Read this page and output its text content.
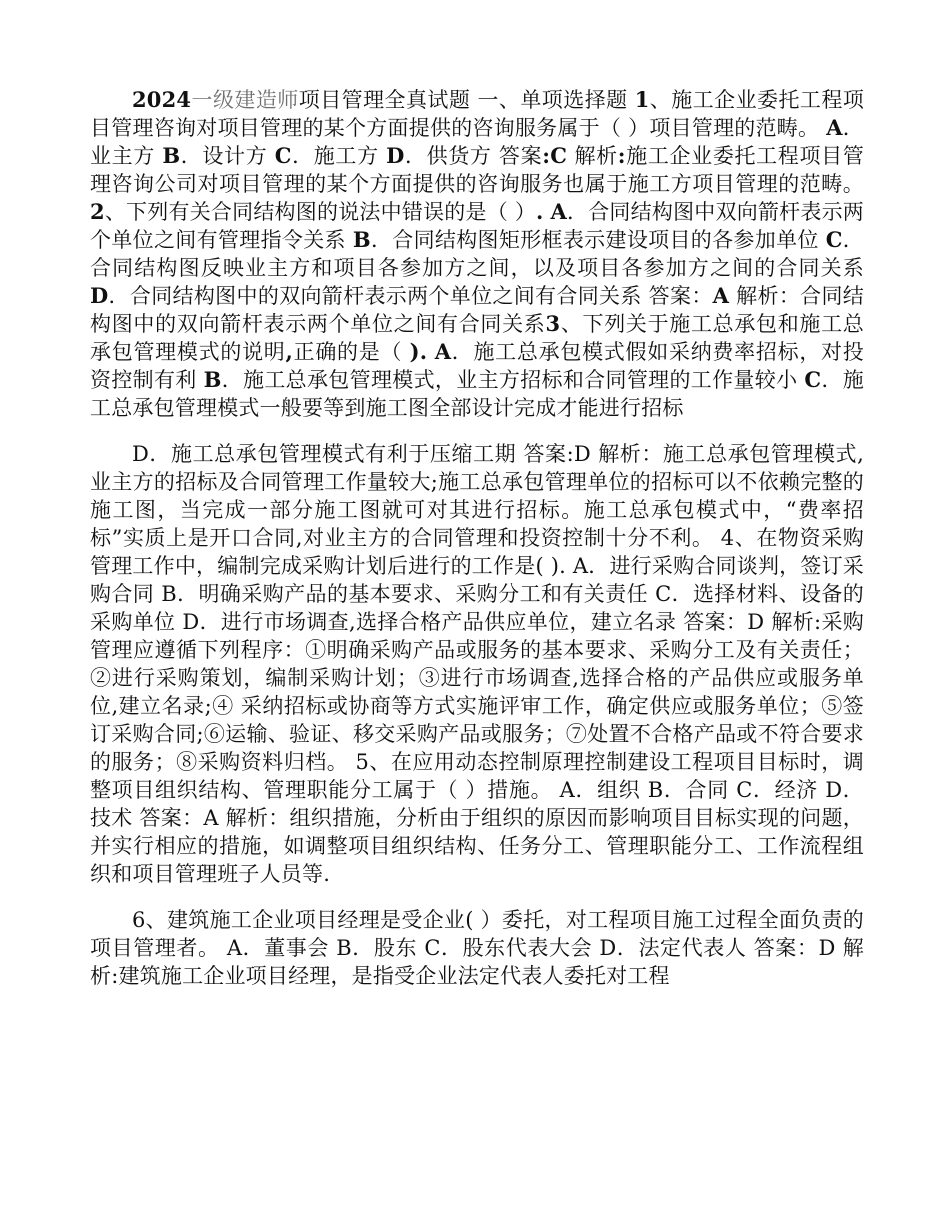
2024一级建造师项目管理全真试题 一、单项选择题 1、施工企业委托工程项目管理咨询对项目管理的某个方面提供的咨询服务属于（ ）项目管理的范畴。 A．业主方 B．设计方 C．施工方 D．供货方 答案:C 解析:施工企业委托工程项目管理咨询公司对项目管理的某个方面提供的咨询服务也属于施工方项目管理的范畴。 2、下列有关合同结构图的说法中错误的是（ ）. A．合同结构图中双向箭杆表示两个单位之间有管理指令关系 B．合同结构图矩形框表示建设项目的各参加单位 C．合同结构图反映业主方和项目各参加方之间，以及项目各参加方之间的合同关系 D．合同结构图中的双向箭杆表示两个单位之间有合同关系 答案：A 解析：合同结构图中的双向箭杆表示两个单位之间有合同关系3、下列关于施工总承包和施工总承包管理模式的说明,正确的是（ ). A．施工总承包模式假如采纳费率招标，对投资控制有利 B．施工总承包管理模式，业主方招标和合同管理的工作量较小 C．施工总承包管理模式一般要等到施工图全部设计完成才能进行招标

D．施工总承包管理模式有利于压缩工期 答案:D 解析：施工总承包管理模式,业主方的招标及合同管理工作量较大;施工总承包管理单位的招标可以不依赖完整的施工图，当完成一部分施工图就可对其进行招标。施工总承包模式中，“费率招标”实质上是开口合同,对业主方的合同管理和投资控制十分不利。 4、在物资采购管理工作中，编制完成采购计划后进行的工作是( ). A．进行采购合同谈判，签订采购合同 B．明确采购产品的基本要求、采购分工和有关责任 C．选择材料、设备的采购单位 D．进行市场调查,选择合格产品供应单位，建立名录 答案：D 解析:采购管理应遵循下列程序：①明确采购产品或服务的基本要求、采购分工及有关责任；②进行采购策划，编制采购计划；③进行市场调查,选择合格的产品供应或服务单位,建立名录;④ 采纳招标或协商等方式实施评审工作，确定供应或服务单位；⑤签订采购合同;⑥运输、验证、移交采购产品或服务；⑦处置不合格产品或不符合要求的服务；⑧采购资料归档。 5、在应用动态控制原理控制建设工程项目目标时，调整项目组织结构、管理职能分工属于（ ）措施。 A．组织 B．合同 C．经济 D．技术 答案：A 解析：组织措施，分析由于组织的原因而影响项目目标实现的问题，并实行相应的措施，如调整项目组织结构、任务分工、管理职能分工、工作流程组织和项目管理班子人员等.

6、建筑施工企业项目经理是受企业( ）委托，对工程项目施工过程全面负责的项目管理者。 A．董事会 B．股东 C．股东代表大会 D．法定代表人 答案：D 解析:建筑施工企业项目经理，是指受企业法定代表人委托对工程
